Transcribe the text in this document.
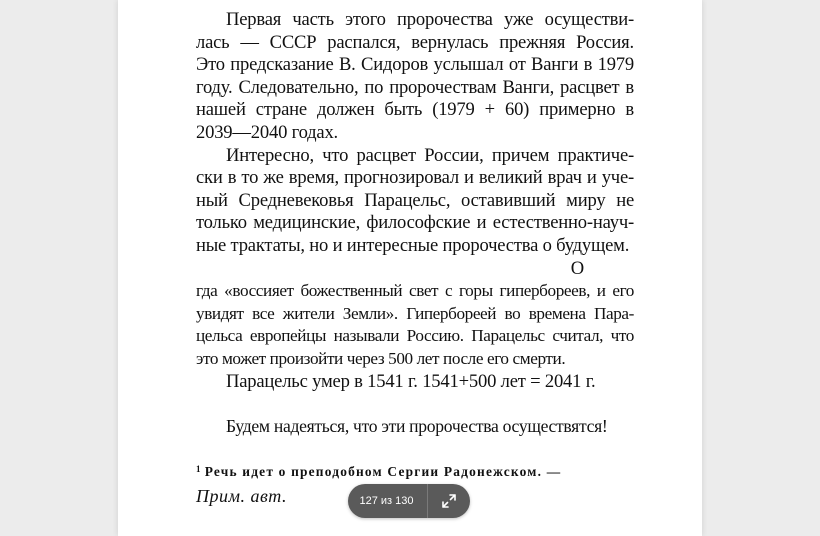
Первая часть этого пророчества уже осуществи-
лась — СССР распался, вернулась прежняя Россия.
Это предсказание В. Сидоров услышал от Ванги в 1979
году. Следовательно, по пророчествам Ванги, расцвет в
нашей стране должен быть (1979 + 60) примерно в
2039—2040 годах.
Интересно, что расцвет России, причем практиче-
ски в то же время, прогнозировал и великий врач и уче-
ный Средневековья Парацельс, оставивший миру не
только медицинские, философские и естественно-науч-
ные трактаты, но и интересные пророчества о будущем.
О
гда «воссияет божественный свет с горы гипербореев, и его
увидят все жители Земли». Гипербореей во времена Пара-
цельса европейцы называли Россию. Парацельс считал, что
это может произойти через 500 лет после его смерти.
Парацельс умер в 1541 г. 1541+500 лет = 2041 г.
Будем надеяться, что эти пророчества осуществятся!
$^1$ Речь идет о преподобном Сергии Радонежском. —
Прим. авт.	127 из 130
